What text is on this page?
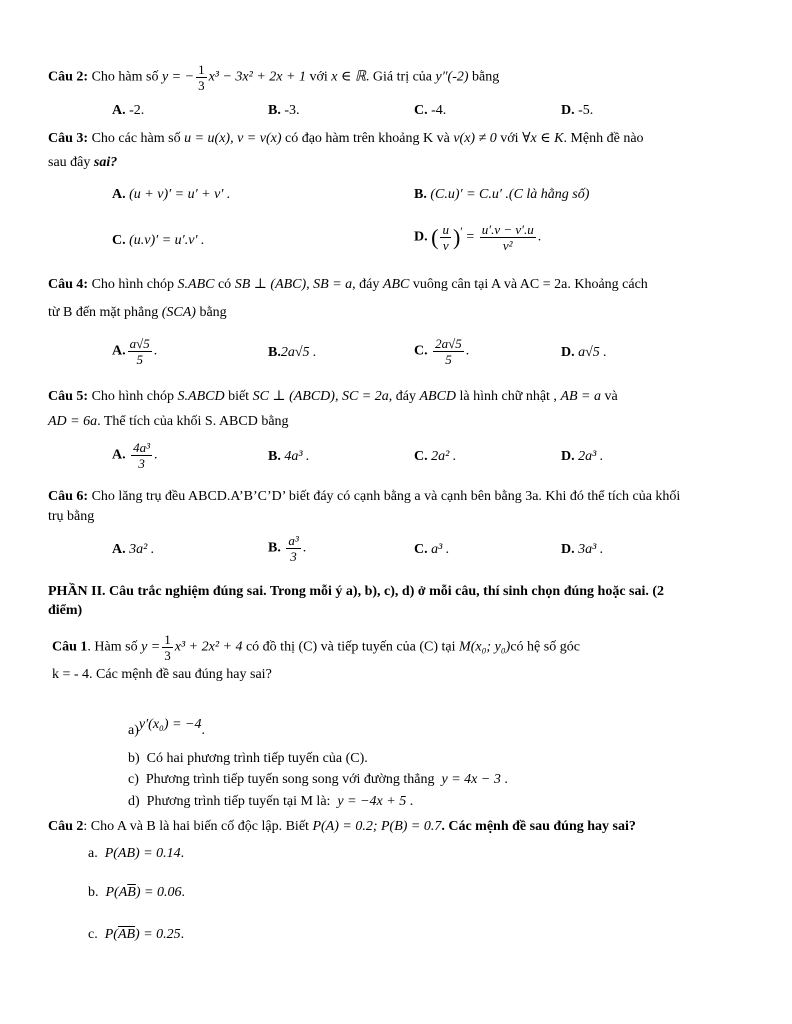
Câu 2: Cho hàm số y = − $\frac{1}{3} x^3 - 3x^2 + 2x + 1$ với x ∈ ℝ. Giá trị của y″(-2) bằng
A. -2.	B. -3.	C. -4.	D. -5.
Câu 3: Cho các hàm số u = u(x), v = v(x) có đạo hàm trên khoảng K và v(x) ≠ 0 với ∀x ∈ K. Mệnh đề nào
sau đây sai?
A. (u + v)′ = u′ + v′ .	B. (C.u)′ = C.u′ .(C là hằng số)
C. (u.v)′ = u′.v′ .	D. ( $\frac{u}{v} )' = \frac{u'.v - v'.u}{\text{v²}}$ .
Câu 4: Cho hình chóp S.ABC có SB ⊥ (ABC), SB = a, đáy ABC vuông cân tại A và AC = 2a. Khoảng cách
từ B đến mặt phẳng (SCA) bằng
A. $\frac{a√5}{5}$ .	B.2a√5 .	C. $\frac{2a√5}{5}$ .	D. a√5 .
Câu 5: Cho hình chóp S.ABCD biết SC ⊥ (ABCD), SC = 2a, đáy ABCD là hình chữ nhật , AB = a và
AD = 6a. Thể tích của khối S. ABCD bằng
A. $\frac{\text{4a³}}{3}$ .	B. 4a³ .	C. 2a² .	D. 2a³ .
Câu 6: Cho lăng trụ đều ABCD.A’B’C’D’ biết đáy có cạnh bằng a và cạnh bên bằng 3a. Khi đó thể tích của khối
trụ bằng
A. 3a² .	B. $\frac{\text{a³}}{3}$ .	C. a³ .	D. 3a³ .
PHẦN II. Câu trắc nghiệm đúng sai. Trong mỗi ý a), b), c), d) ở mỗi câu, thí sinh chọn đúng hoặc sai. (2
điểm)
Câu 1. Hàm số $y = \frac{1}{3} x^3 + 2x^2 + 4$ có đồ thị (C) và tiếp tuyến của (C) tại M(x₀; y₀)có hệ số góc
k = - 4. Các mệnh đề sau đúng hay sai?
a)y′(x₀) = −4.
b) Có hai phương trình tiếp tuyến của (C).
c) Phương trình tiếp tuyến song song với đường thẳng y = 4x − 3 .
d) Phương trình tiếp tuyến tại M là: y = −4x + 5 .
Câu 2: Cho A và B là hai biến cố độc lập. Biết P(A) = 0.2; P(B) = 0.7. Các mệnh đề sau đúng hay sai?
a. P(AB) = 0.14.
b. $P(A\overline{B}) = 0.06$.
c. $P(\overline{AB}) = 0.25$.
